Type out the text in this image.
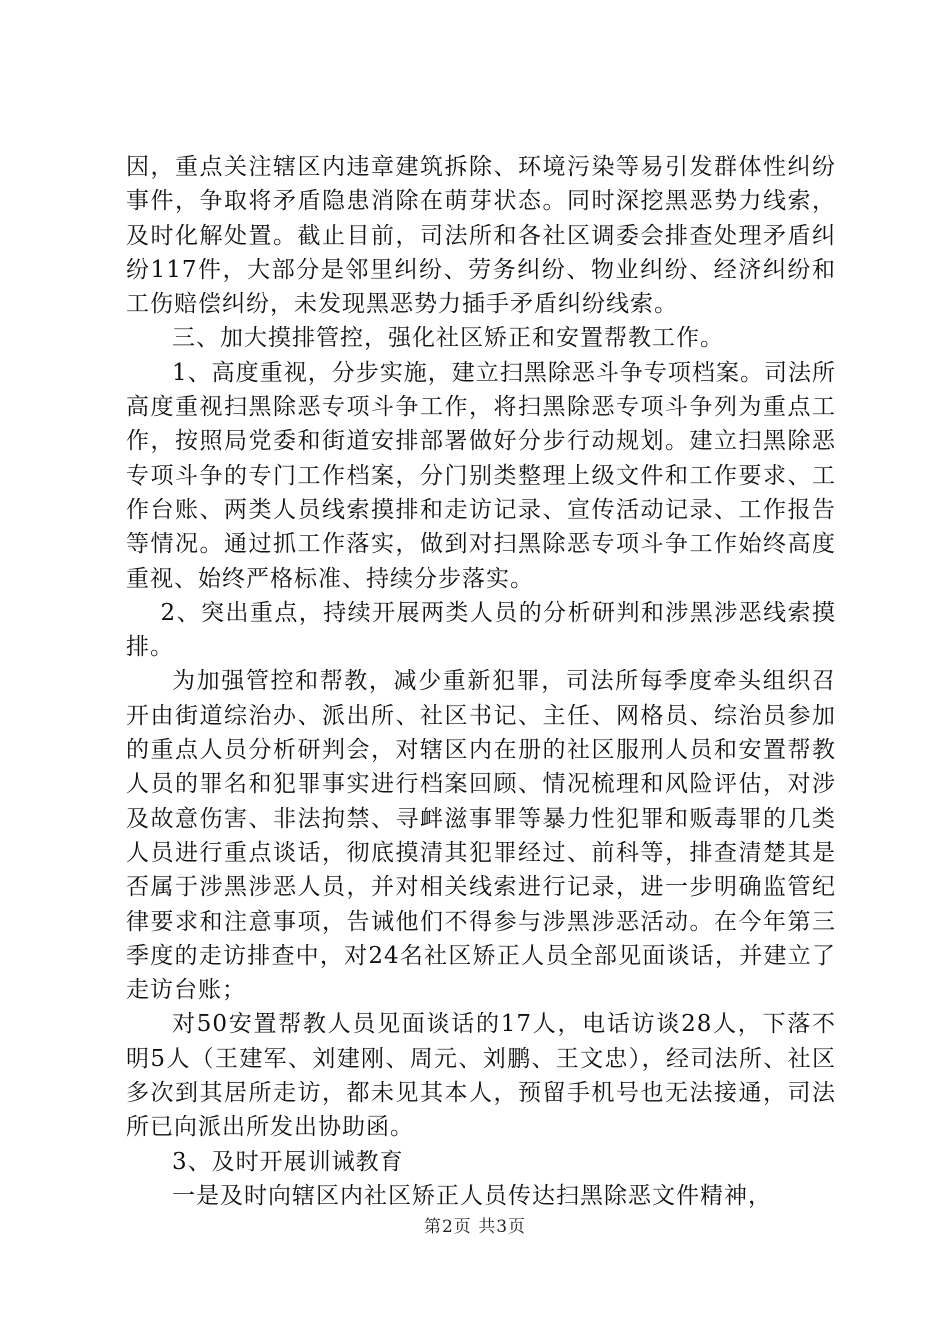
因，重点关注辖区内违章建筑拆除、环境污染等易引发群体性纠纷事件，争取将矛盾隐患消除在萌芽状态。同时深挖黑恶势力线索，及时化解处置。截止目前，司法所和各社区调委会排查处理矛盾纠纷117件，大部分是邻里纠纷、劳务纠纷、物业纠纷、经济纠纷和工伤赔偿纠纷，未发现黑恶势力插手矛盾纠纷线索。

三、加大摸排管控，强化社区矫正和安置帮教工作。

1、高度重视，分步实施，建立扫黑除恶斗争专项档案。司法所高度重视扫黑除恶专项斗争工作，将扫黑除恶专项斗争列为重点工作，按照局党委和街道安排部署做好分步行动规划。建立扫黑除恶专项斗争的专门工作档案，分门别类整理上级文件和工作要求、工作台账、两类人员线索摸排和走访记录、宣传活动记录、工作报告等情况。通过抓工作落实，做到对扫黑除恶专项斗争工作始终高度重视、始终严格标准、持续分步落实。

2、突出重点，持续开展两类人员的分析研判和涉黑涉恶线索摸排。

为加强管控和帮教，减少重新犯罪，司法所每季度牵头组织召开由街道综治办、派出所、社区书记、主任、网格员、综治员参加的重点人员分析研判会，对辖区内在册的社区服刑人员和安置帮教人员的罪名和犯罪事实进行档案回顾、情况梳理和风险评估，对涉及故意伤害、非法拘禁、寻衅滋事罪等暴力性犯罪和贩毒罪的几类人员进行重点谈话，彻底摸清其犯罪经过、前科等，排查清楚其是否属于涉黑涉恶人员，并对相关线索进行记录，进一步明确监管纪律要求和注意事项，告诫他们不得参与涉黑涉恶活动。在今年第三季度的走访排查中，对24名社区矫正人员全部见面谈话，并建立了走访台账；

对50安置帮教人员见面谈话的17人，电话访谈28人，下落不明5人（王建军、刘建刚、周元、刘鹏、王文忠），经司法所、社区多次到其居所走访，都未见其本人，预留手机号也无法接通，司法所已向派出所发出协助函。

3、及时开展训诫教育

一是及时向辖区内社区矫正人员传达扫黑除恶文件精神，

第2页 共3页
